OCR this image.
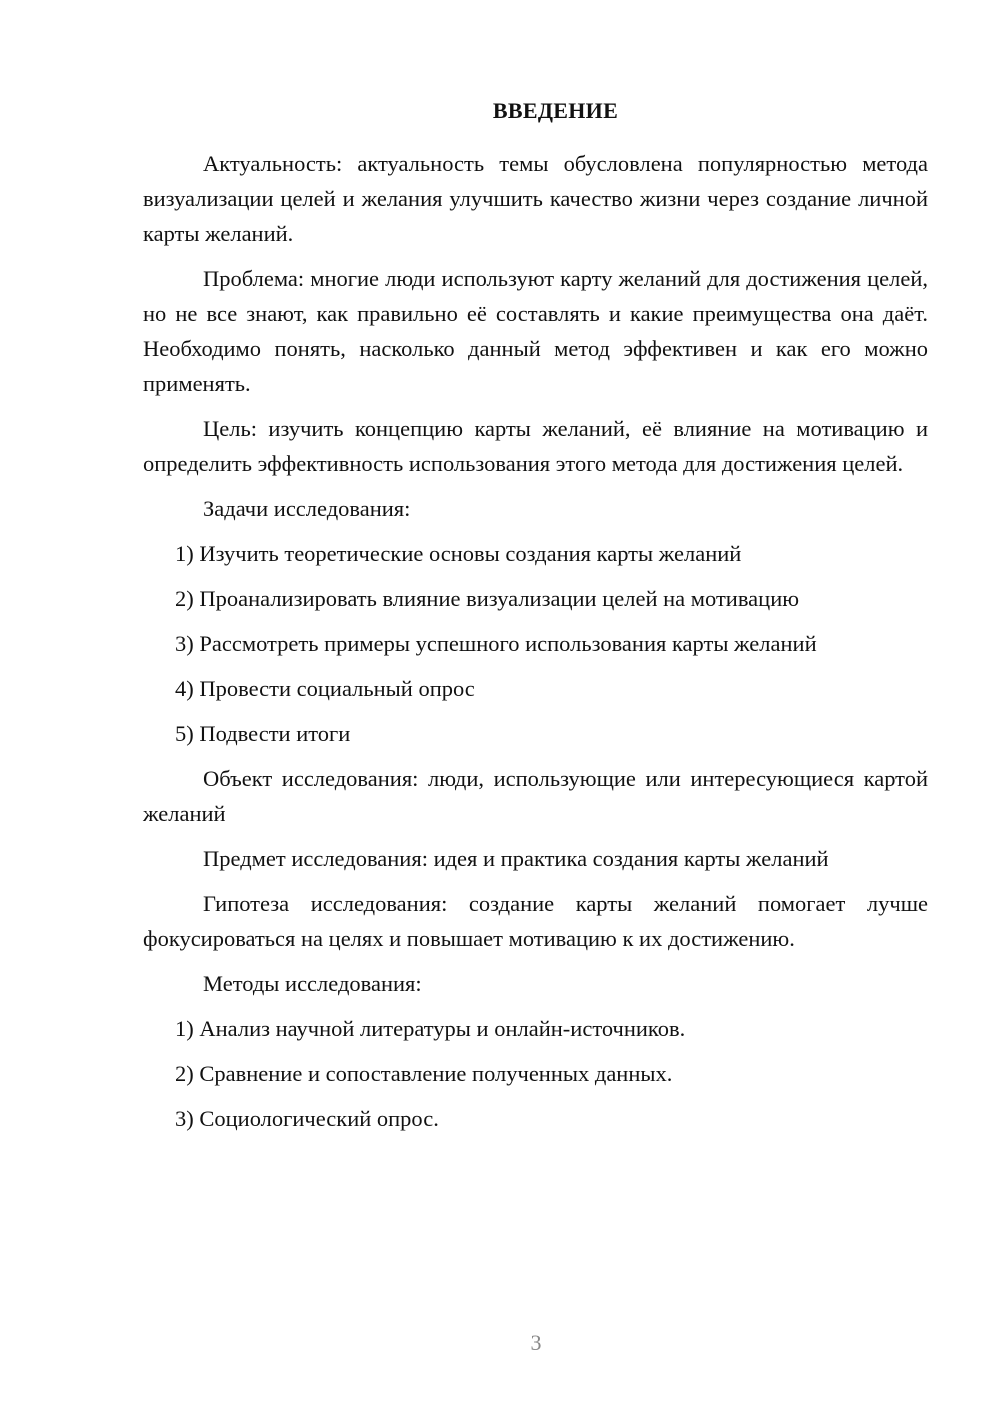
ВВЕДЕНИЕ

Актуальность: актуальность темы обусловлена популярностью метода визуализации целей и желания улучшить качество жизни через создание личной карты желаний.

Проблема: многие люди используют карту желаний для достижения целей, но не все знают, как правильно её составлять и какие преимущества она даёт. Необходимо понять, насколько данный метод эффективен и как его можно применять.

Цель: изучить концепцию карты желаний, её влияние на мотивацию и определить эффективность использования этого метода для достижения целей.

Задачи исследования:

1) Изучить теоретические основы создания карты желаний
2) Проанализировать влияние визуализации целей на мотивацию
3) Рассмотреть примеры успешного использования карты желаний
4) Провести социальный опрос
5) Подвести итоги

Объект исследования: люди, использующие или интересующиеся картой желаний

Предмет исследования: идея и практика создания карты желаний

Гипотеза исследования: создание карты желаний помогает лучше фокусироваться на целях и повышает мотивацию к их достижению.

Методы исследования:

1) Анализ научной литературы и онлайн-источников.
2) Сравнение и сопоставление полученных данных.
3) Социологический опрос.
3
